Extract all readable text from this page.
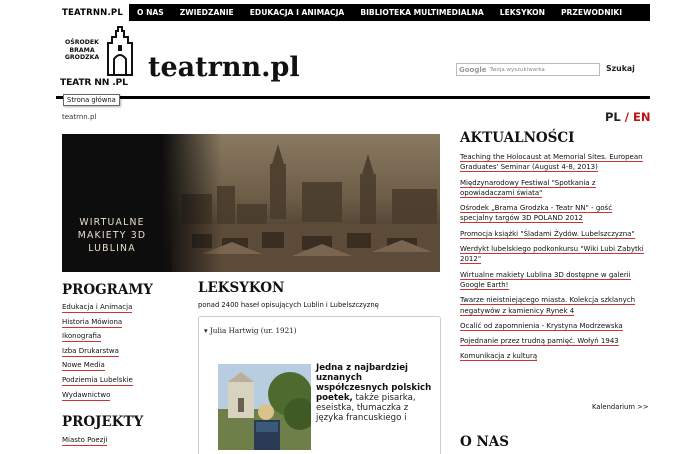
TEATRNN.PL	O NAS	ZWIEDZANIE	EDUKACJA I ANIMACJA	BIBLIOTEKA MULTIMEDIALNA	LEKSYKON	PRZEWODNIKI
OŚRODEK
BRAMA
GRODZKA
TEATR NN .PL teatrnn.pl	Google Twoja wyszukiwarka	Szukaj
Strona główna
teatrnn.pl	PL / EN
WIRTUALNE
MAKIETY 3D
LUBLINA
PROGRAMY
Edukacja i Animacja
Historia Mówiona
Ikonografia
Izba Drukarstwa
Nowe Media
Podziemia Lubelskie
Wydawnictwo
PROJEKTY
Miasto Poezji
LEKSYKON
ponad 2400 haseł opisujących Lublin i Lubelszczyznę
▾ Julia Hartwig (ur. 1921)
Jedna z najbardziej uznanych współczesnych polskich poetek, także pisarka, eseistka, tłumaczka z języka francuskiego i
AKTUALNOŚCI
Teaching the Holocaust at Memorial Sites. European Graduates' Seminar (August 4-8, 2013)
Międzynarodowy Festiwal "Spotkania z opowiadaczami świata"
Ośrodek „Brama Grodzka - Teatr NN" - gość specjalny targów 3D POLAND 2012
Promocja książki "Śladami Żydów. Lubelszczyzna"
Werdykt lubelskiego podkonkursu "Wiki Lubi Zabytki 2012"
Wirtualne makiety Lublina 3D dostępne w galerii Google Earth!
Twarze nieistniejącego miasta. Kolekcja szklanych negatywów z kamienicy Rynek 4
Ocalić od zapomnienia - Krystyna Modrzewska
Pojednanie przez trudną pamięć. Wołyń 1943
Komunikacja z kulturą
Kalendarium >>
O NAS
